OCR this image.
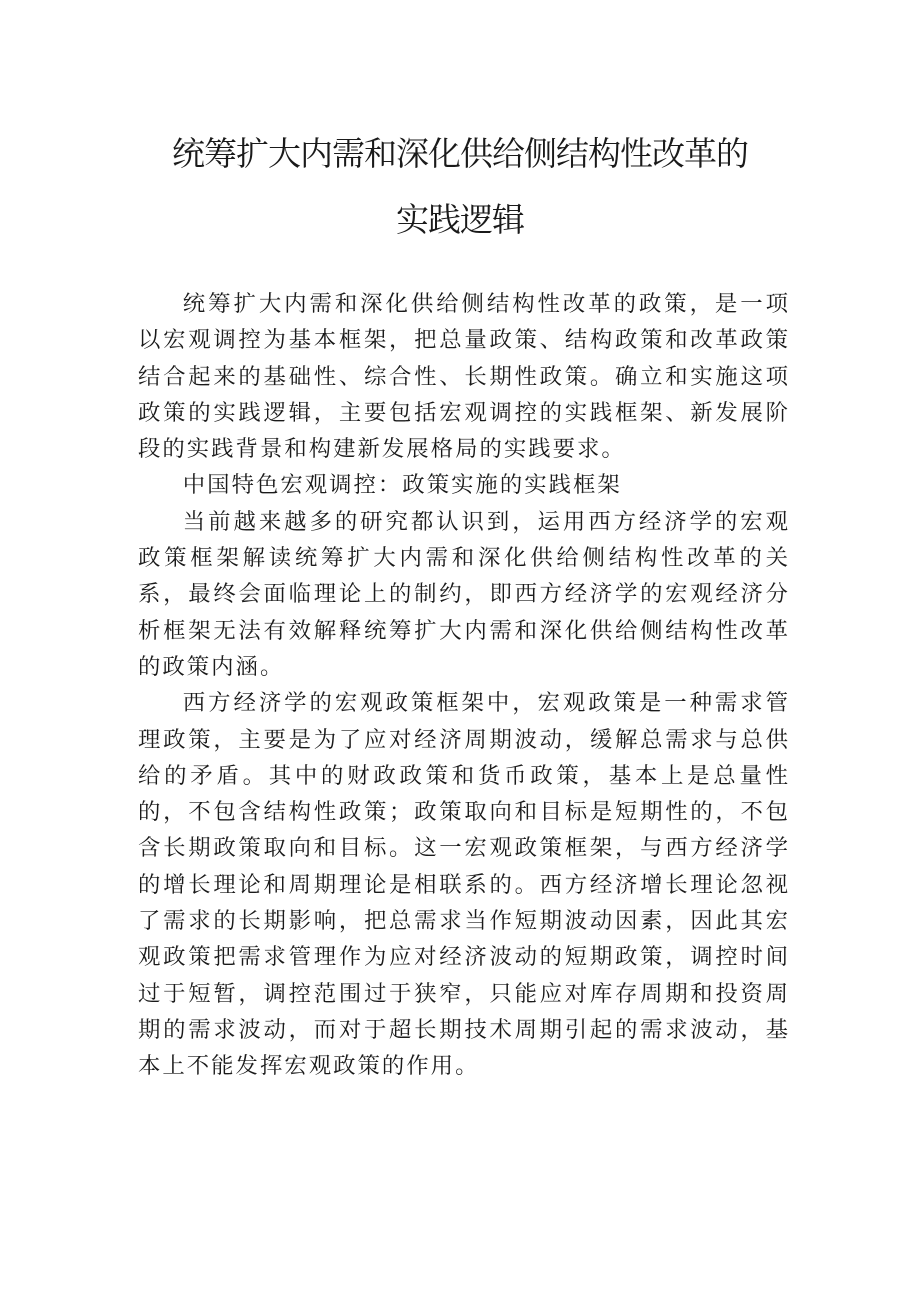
统筹扩大内需和深化供给侧结构性改革的
实践逻辑

统筹扩大内需和深化供给侧结构性改革的政策，是一项以宏观调控为基本框架，把总量政策、结构政策和改革政策结合起来的基础性、综合性、长期性政策。确立和实施这项政策的实践逻辑，主要包括宏观调控的实践框架、新发展阶段的实践背景和构建新发展格局的实践要求。

中国特色宏观调控：政策实施的实践框架

当前越来越多的研究都认识到，运用西方经济学的宏观政策框架解读统筹扩大内需和深化供给侧结构性改革的关系，最终会面临理论上的制约，即西方经济学的宏观经济分析框架无法有效解释统筹扩大内需和深化供给侧结构性改革的政策内涵。

西方经济学的宏观政策框架中，宏观政策是一种需求管理政策，主要是为了应对经济周期波动，缓解总需求与总供给的矛盾。其中的财政政策和货币政策，基本上是总量性的，不包含结构性政策；政策取向和目标是短期性的，不包含长期政策取向和目标。这一宏观政策框架，与西方经济学的增长理论和周期理论是相联系的。西方经济增长理论忽视了需求的长期影响，把总需求当作短期波动因素，因此其宏观政策把需求管理作为应对经济波动的短期政策，调控时间过于短暂，调控范围过于狭窄，只能应对库存周期和投资周期的需求波动，而对于超长期技术周期引起的需求波动，基本上不能发挥宏观政策的作用。
